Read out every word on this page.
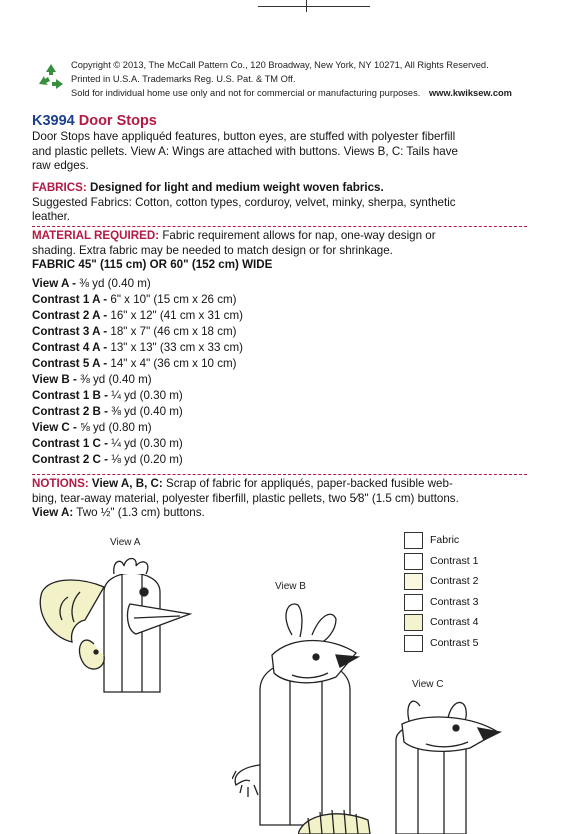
Copyright © 2013, The McCall Pattern Co., 120 Broadway, New York, NY 10271, All Rights Reserved.
Printed in U.S.A. Trademarks Reg. U.S. Pat. & TM Off.
Sold for individual home use only and not for commercial or manufacturing purposes. www.kwiksew.com
K3994 Door Stops
Door Stops have appliquéd features, button eyes, are stuffed with polyester fiberfill
and plastic pellets. View A: Wings are attached with buttons. Views B, C: Tails have
raw edges.
FABRICS: Designed for light and medium weight woven fabrics.
Suggested Fabrics: Cotton, cotton types, corduroy, velvet, minky, sherpa, synthetic
leather.
MATERIAL REQUIRED: Fabric requirement allows for nap, one-way design or
shading. Extra fabric may be needed to match design or for shrinkage.
FABRIC 45" (115 cm) OR 60" (152 cm) WIDE
View A - ⅜ yd (0.40 m)
Contrast 1 A - 6" x 10" (15 cm x 26 cm)
Contrast 2 A - 16" x 12" (41 cm x 31 cm)
Contrast 3 A - 18" x 7" (46 cm x 18 cm)
Contrast 4 A - 13" x 13" (33 cm x 33 cm)
Contrast 5 A - 14" x 4" (36 cm x 10 cm)
View B - ⅜ yd (0.40 m)
Contrast 1 B - ¼ yd (0.30 m)
Contrast 2 B - ⅜ yd (0.40 m)
View C - ⅝ yd (0.80 m)
Contrast 1 C - ¼ yd (0.30 m)
Contrast 2 C - ⅛ yd (0.20 m)
NOTIONS: View A, B, C: Scrap of fabric for appliqués, paper-backed fusible web-
bing, tear-away material, polyester fiberfill, plastic pellets, two 5⁄8" (1.5 cm) buttons.
View A: Two ½" (1.3 cm) buttons.
Fabric
Contrast 1
Contrast 2
Contrast 3
Contrast 4
Contrast 5
View A
View B
View C
